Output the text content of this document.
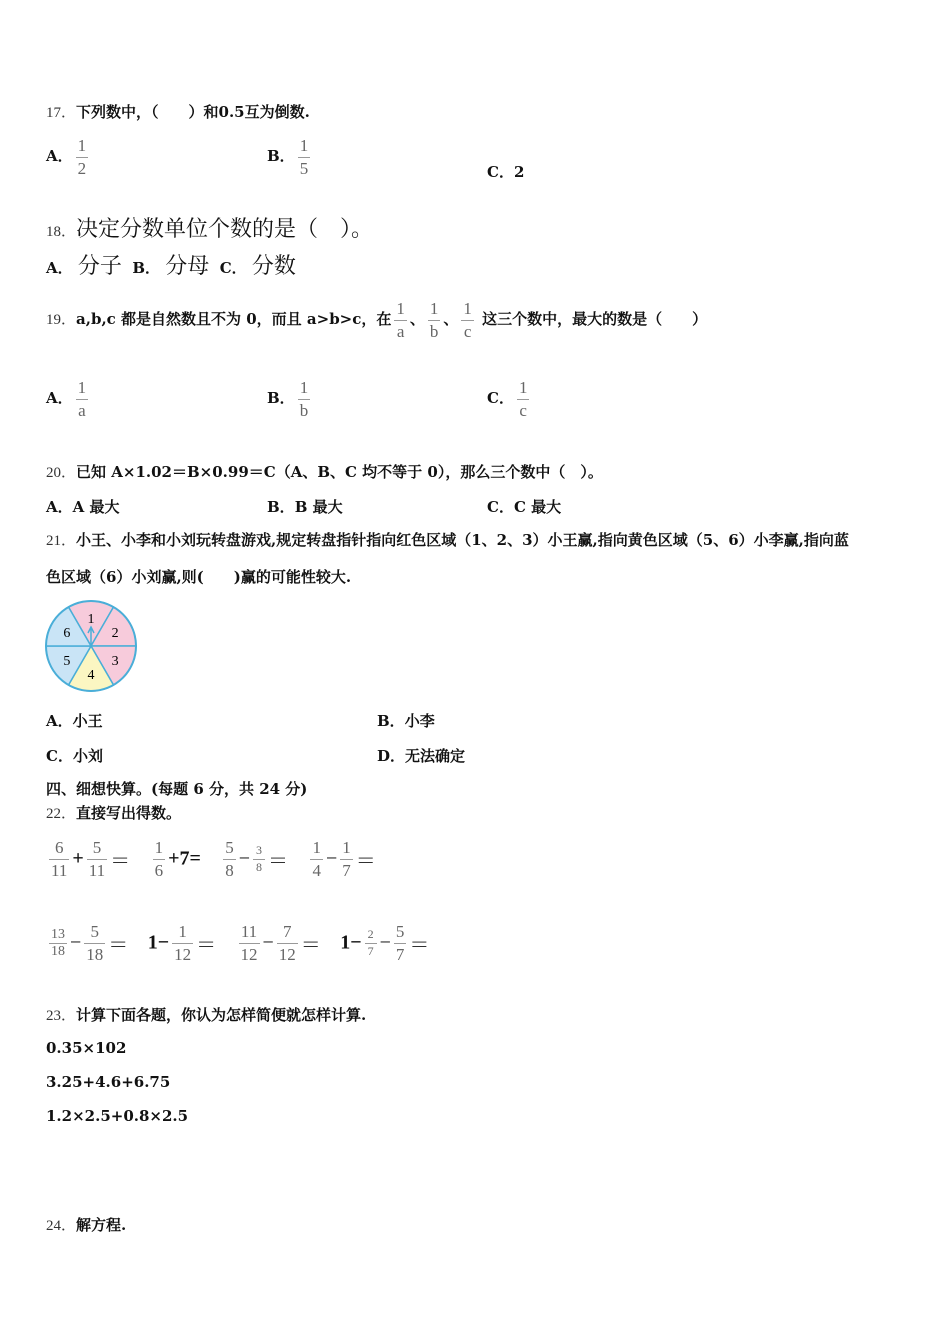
17．下列数中，（　　）和0.5互为倒数.
A． $\frac{1}{2}$	B． $\frac{1}{5}$	C．2
18．决定分数单位个数的是（　）。
A． 分子 B． 分母 C． 分数
19．a,b,c 都是自然数且不为 0，而且 a>b>c，在 $\frac{1}{a}$ 、 $\frac{1}{b}$ 、 $\frac{1}{c}$ 这三个数中，最大的数是（　　）
A． $\frac{1}{a}$	B． $\frac{1}{b}$	C． $\frac{1}{c}$
20．已知 A×1.02＝B×0.99＝C（A、B、C 均不等于 0），那么三个数中（　）。
A．A 最大	B．B 最大	C．C 最大
21．小王、小李和小刘玩转盘游戏,规定转盘指针指向红色区域（1、2、3）小王赢,指向黄色区域（5、6）小李赢,指向蓝
色区域（6）小刘赢,则(　　)赢的可能性较大.
1
2
3
4
5
6
A．小王	B．小李
C．小刘	D．无法确定
四、细想快算。(每题 6 分，共 24 分)
22．直接写出得数。
$\frac{6}{11} + \frac{5}{11} = \frac{1}{6} +7= \frac{5}{8} - \frac{3}{8} = \frac{1}{4} - \frac{1}{7}$ ＝
$\frac{13}{18} - \frac{5}{18} = 1- \frac{1}{12} = \frac{11}{12} - \frac{7}{12} = 1- \frac{2}{7} - \frac{5}{7}$ ＝
23．计算下面各题，你认为怎样简便就怎样计算.
0.35×102
3.25+4.6+6.75
1.2×2.5+0.8×2.5
24．解方程.
